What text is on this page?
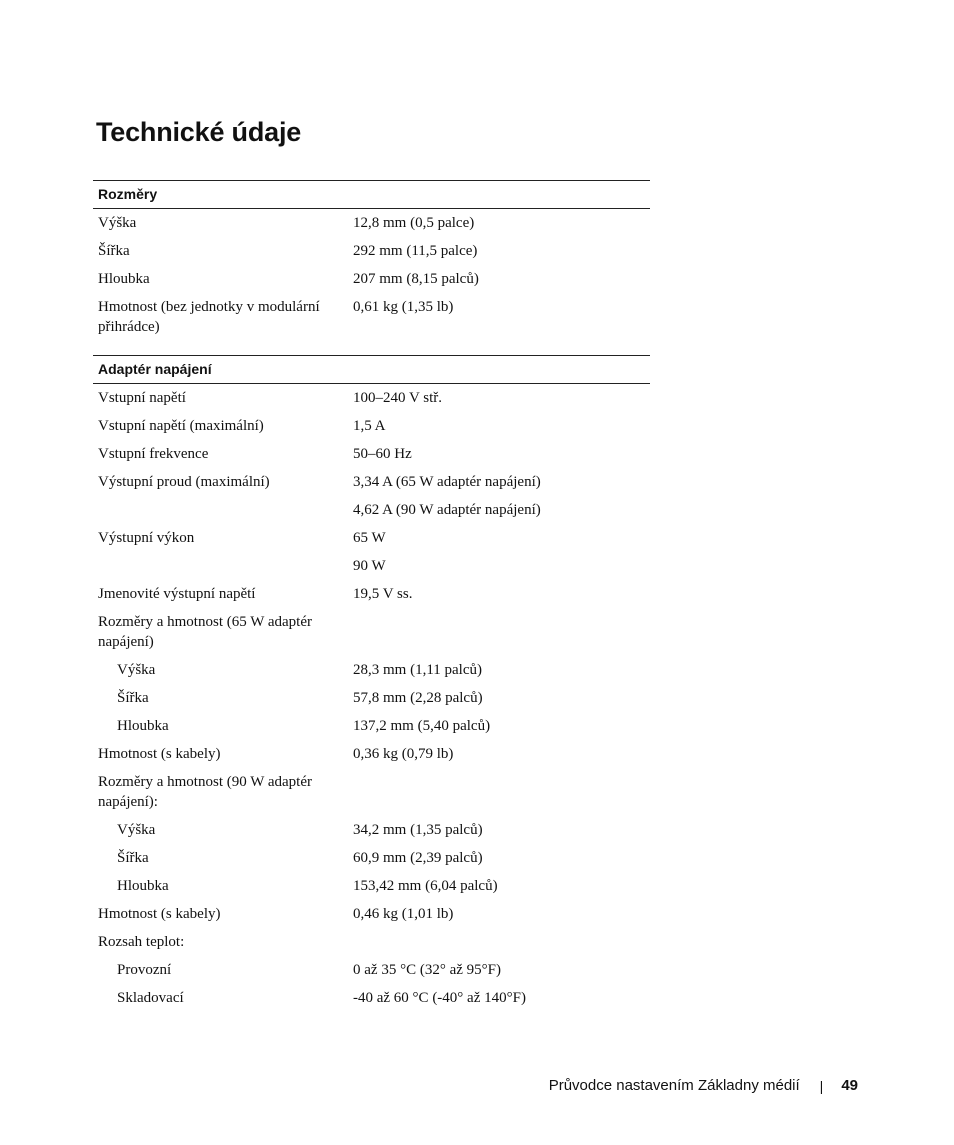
Technické údaje
Rozměry	
Výška	12,8 mm (0,5 palce)
Šířka	292 mm (11,5 palce)
Hloubka	207 mm (8,15 palců)
Hmotnost (bez jednotky v modulární přihrádce)	0,61 kg (1,35 lb)
Adaptér napájení	
Vstupní napětí	100–240 V stř.
Vstupní napětí (maximální)	1,5 A
Vstupní frekvence	50–60 Hz
Výstupní proud (maximální)	3,34 A (65 W adaptér napájení)
	4,62 A (90 W adaptér napájení)
Výstupní výkon	65 W
	90 W
Jmenovité výstupní napětí	19,5 V ss.
Rozměry a hmotnost (65 W adaptér napájení)	
Výška	28,3 mm (1,11 palců)
Šířka	57,8 mm (2,28 palců)
Hloubka	137,2 mm (5,40 palců)
Hmotnost (s kabely)	0,36 kg (0,79 lb)
Rozměry a hmotnost (90 W adaptér napájení):	
Výška	34,2 mm (1,35 palců)
Šířka	60,9 mm (2,39 palců)
Hloubka	153,42 mm (6,04 palců)
Hmotnost (s kabely)	0,46 kg (1,01 lb)
Rozsah teplot:	
Provozní	0 až 35 °C (32° až 95°F)
Skladovací	-40 až 60 °C (-40° až 140°F)
Průvodce nastavením Základny médií | 49
